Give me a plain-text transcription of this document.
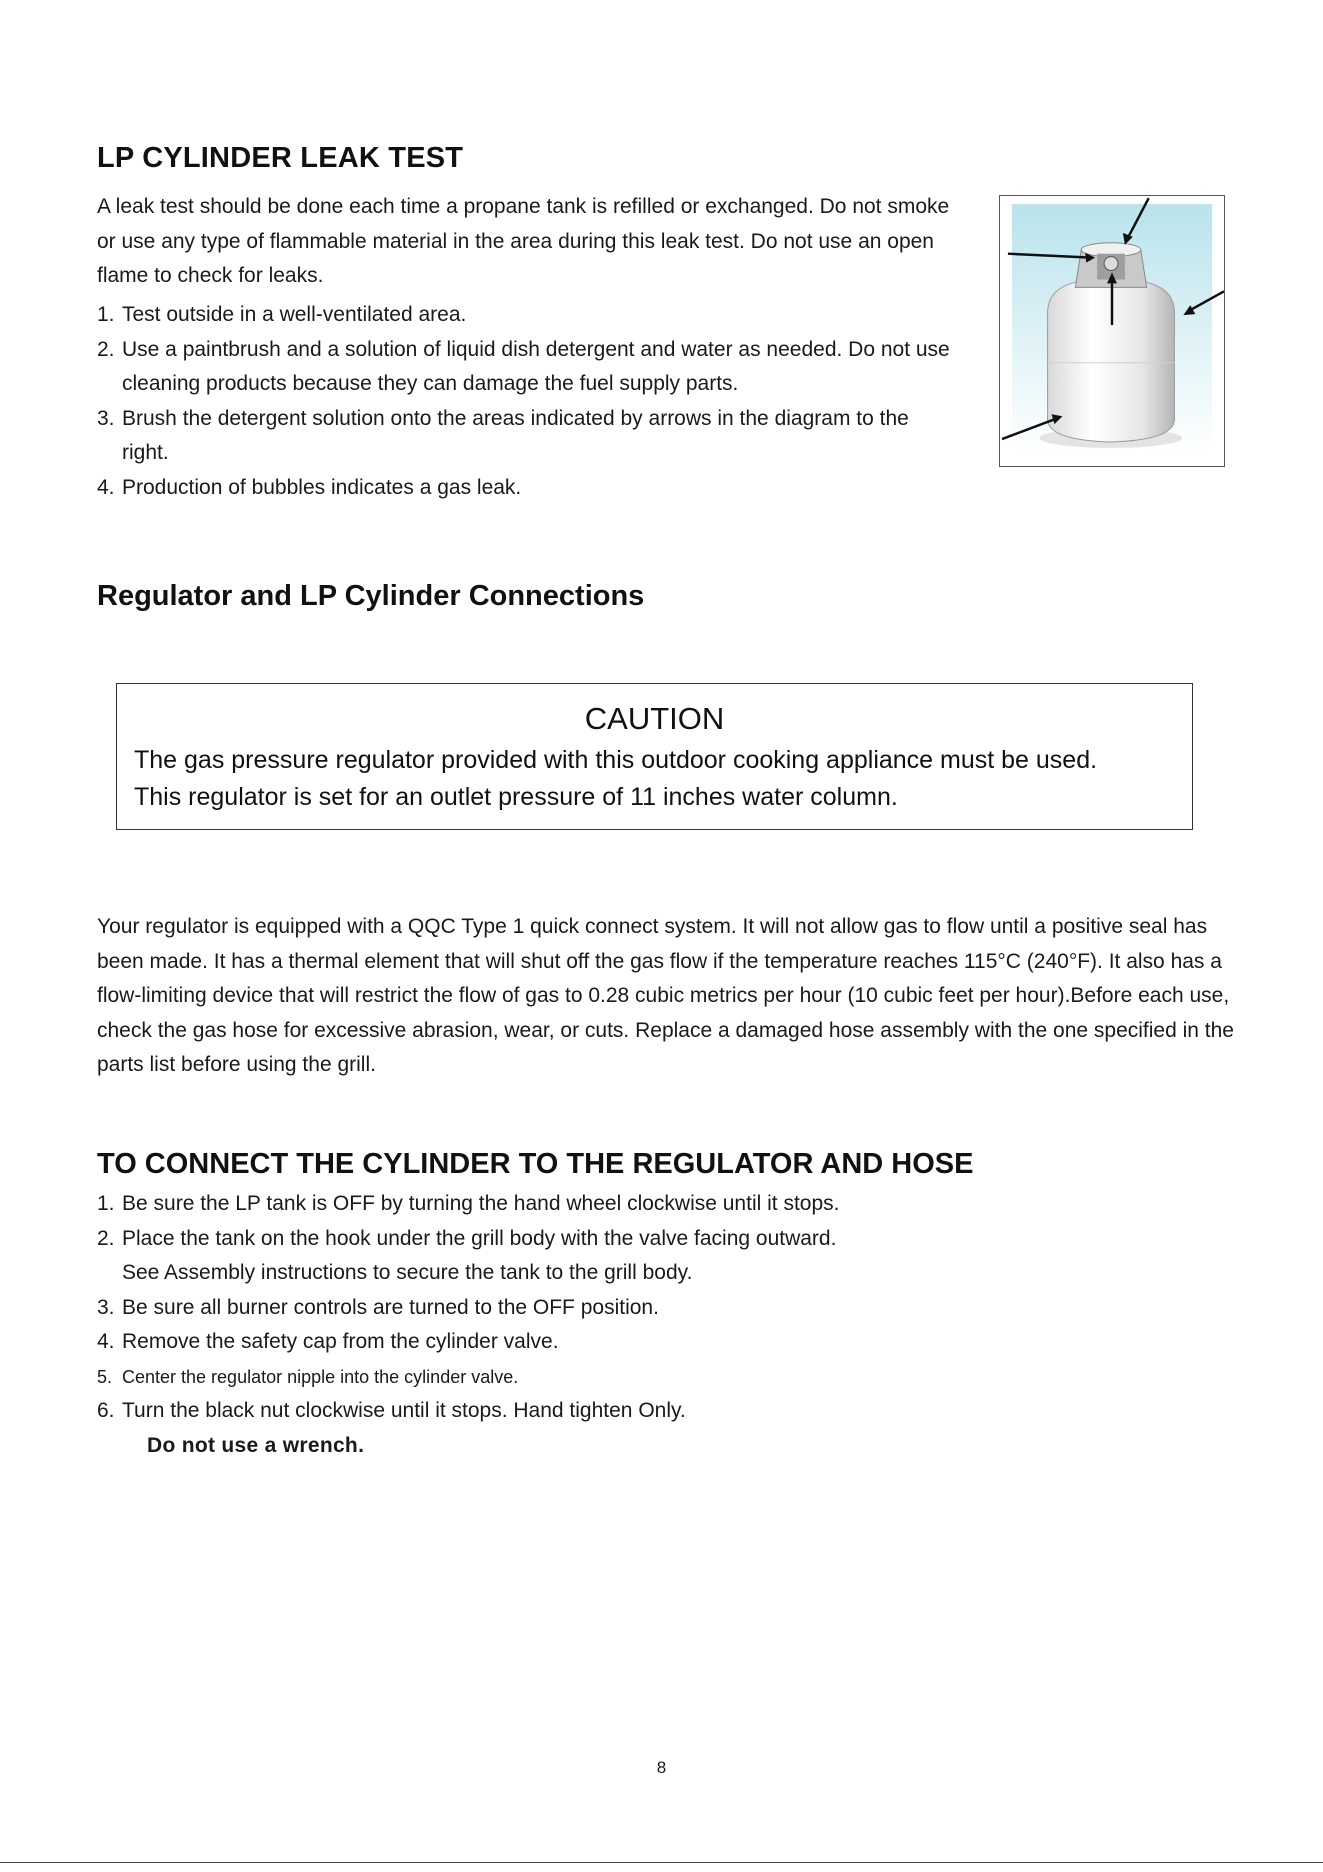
LP CYLINDER LEAK TEST

A leak test should be done each time a propane tank is refilled or exchanged. Do not smoke or use any type of flammable material in the area during this leak test. Do not use an open flame to check for leaks.

1. Test outside in a well-ventilated area.
2. Use a paintbrush and a solution of liquid dish detergent and water as needed. Do not use cleaning products because they can damage the fuel supply parts.
3. Brush the detergent solution onto the areas indicated by arrows in the diagram to the right.
4. Production of bubbles indicates a gas leak.
Regulator and LP Cylinder Connections
CAUTION
The gas pressure regulator provided with this outdoor cooking appliance must be used.
This regulator is set for an outlet pressure of 11 inches water column.

Your regulator is equipped with a QQC Type 1 quick connect system. It will not allow gas to flow until a positive seal has been made. It has a thermal element that will shut off the gas flow if the temperature reaches 115°C (240°F). It also has a flow-limiting device that will restrict the flow of gas to 0.28 cubic metrics per hour (10 cubic feet per hour).Before each use, check the gas hose for excessive abrasion, wear, or cuts. Replace a damaged hose assembly with the one specified in the parts list before using the grill.

TO CONNECT THE CYLINDER TO THE REGULATOR AND HOSE
1. Be sure the LP tank is OFF by turning the hand wheel clockwise until it stops.
2. Place the tank on the hook under the grill body with the valve facing outward.
See Assembly instructions to secure the tank to the grill body.
3. Be sure all burner controls are turned to the OFF position.
4. Remove the safety cap from the cylinder valve.
5. Center the regulator nipple into the cylinder valve.
6. Turn the black nut clockwise until it stops. Hand tighten Only.
Do not use a wrench.
8
